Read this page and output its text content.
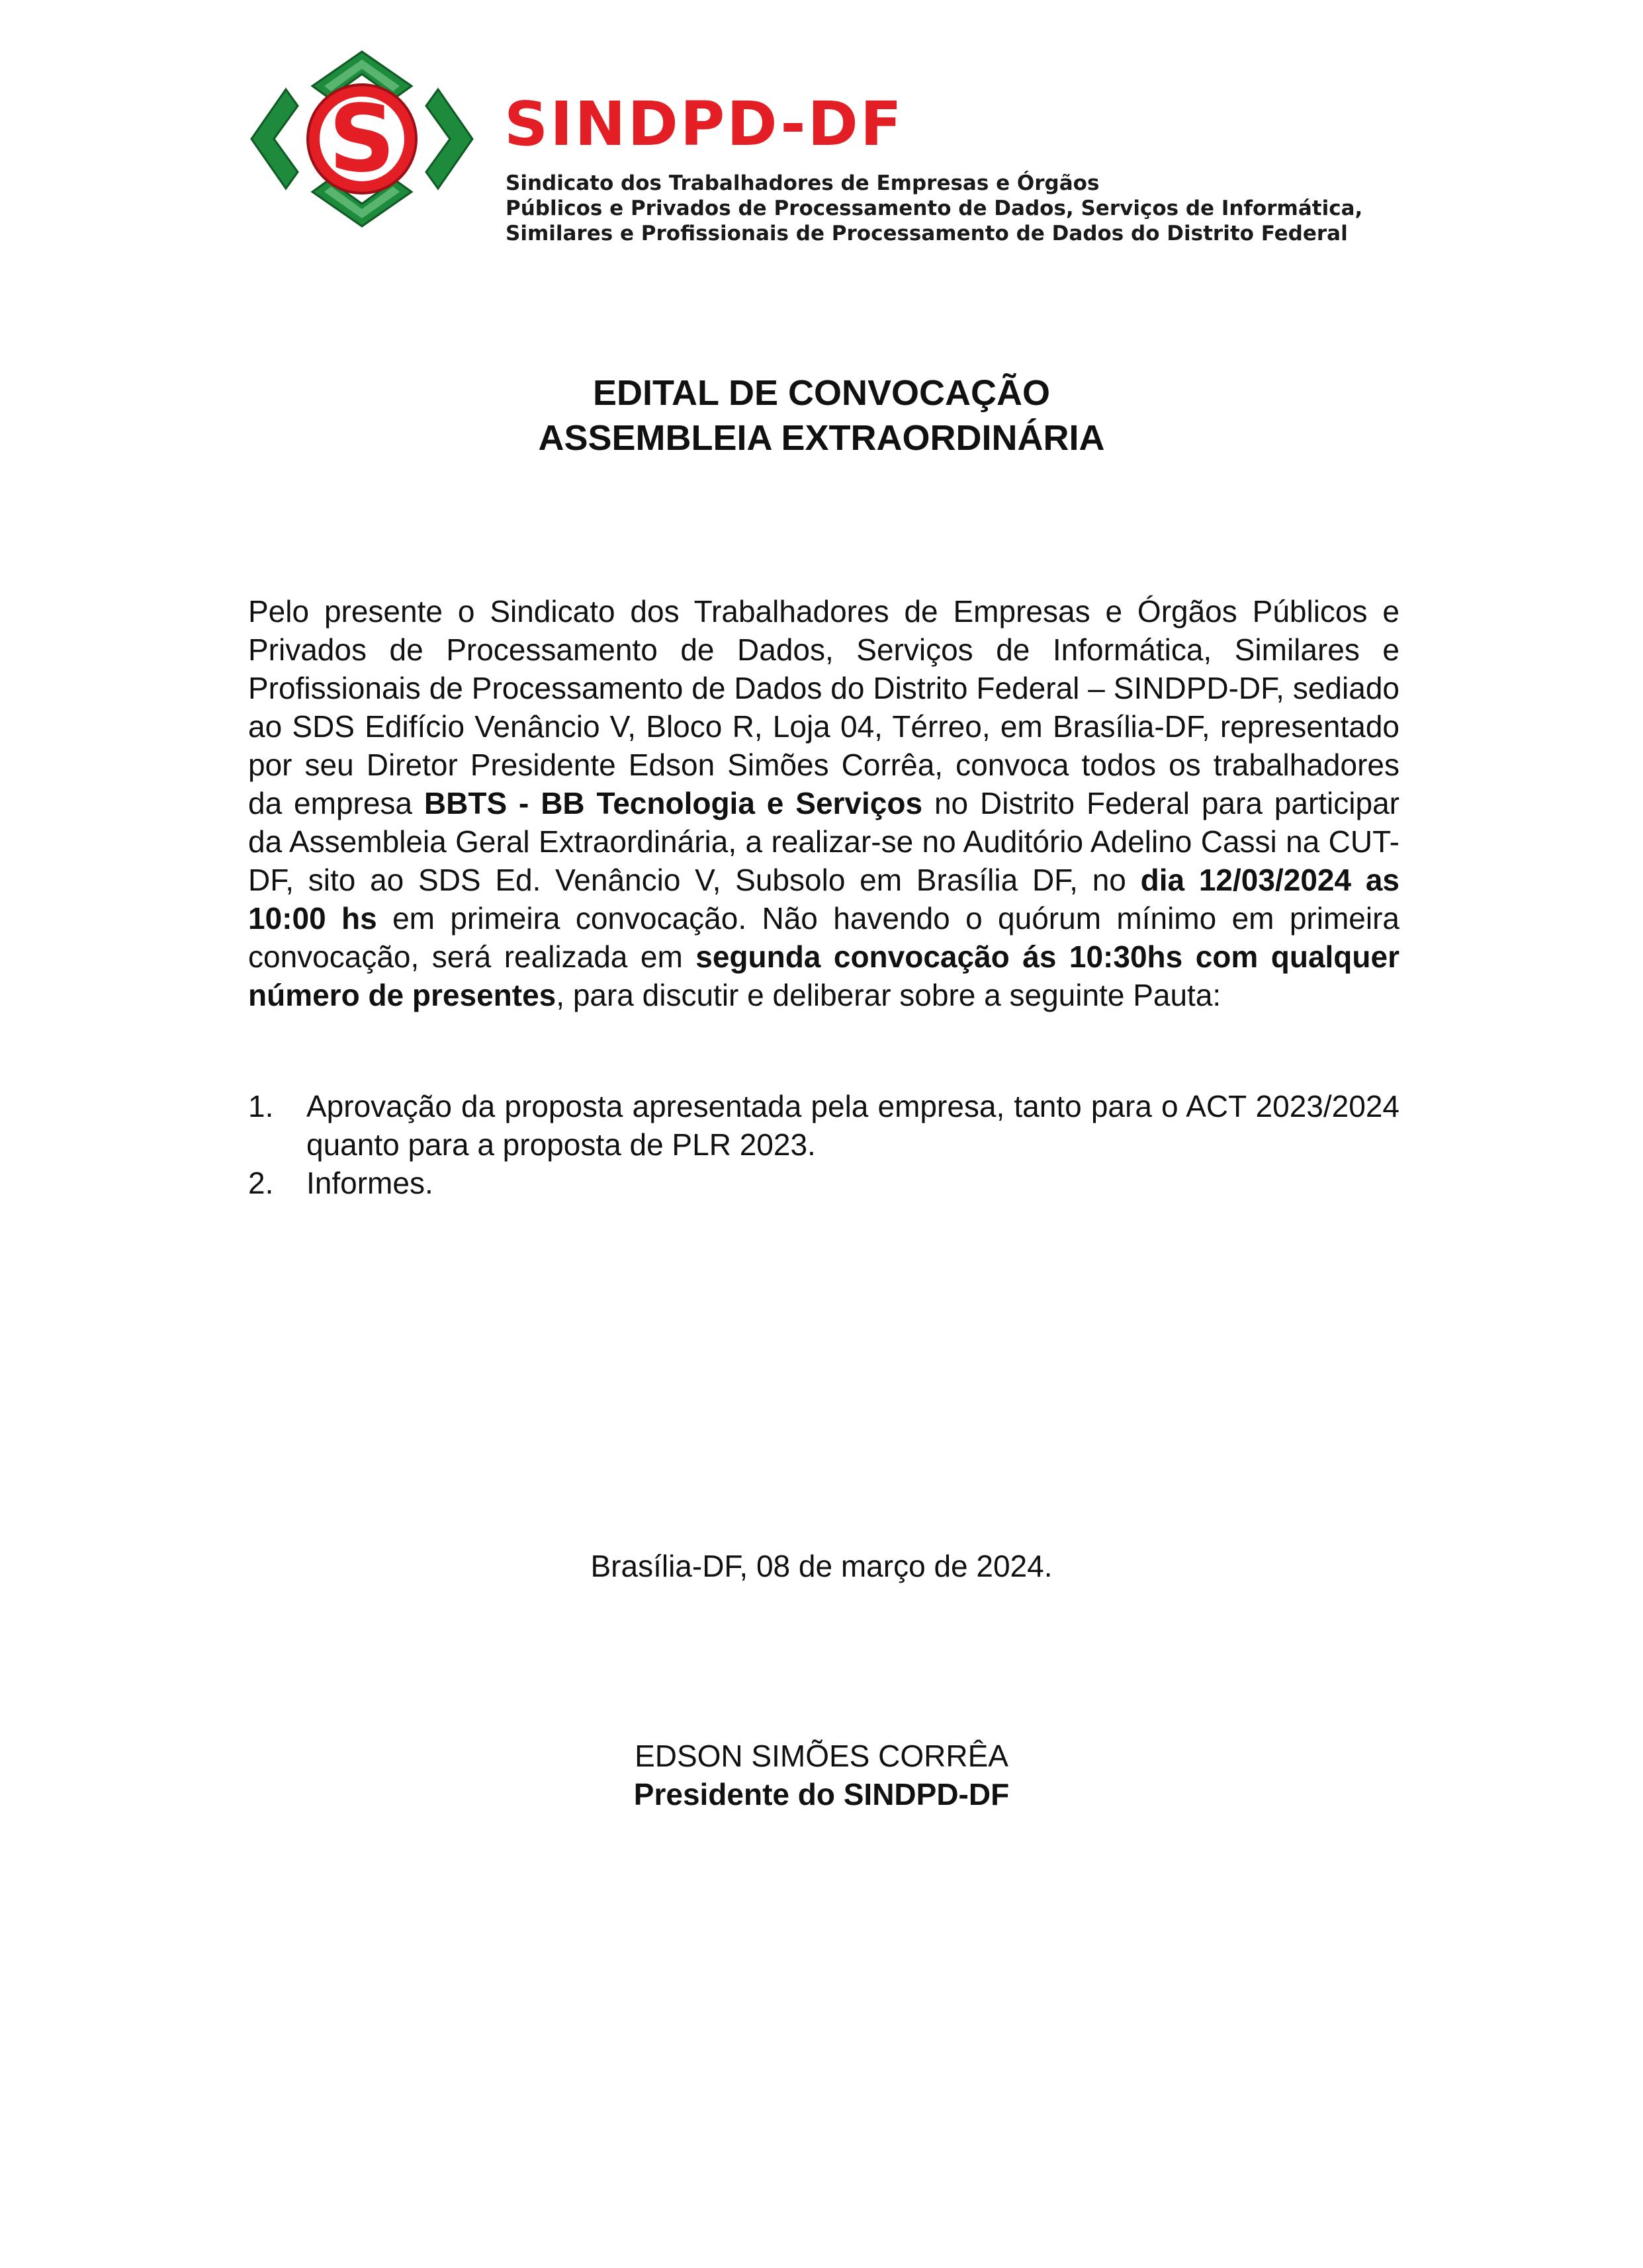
S SINDPD-DF
Sindicato dos Trabalhadores de Empresas e Órgãos
Públicos e Privados de Processamento de Dados, Serviços de Informática,
Similares e Profissionais de Processamento de Dados do Distrito Federal
EDITAL DE CONVOCAÇÃO
ASSEMBLEIA EXTRAORDINÁRIA
Pelo presente o Sindicato dos Trabalhadores de Empresas e Órgãos Públicos e Privados de Processamento de Dados, Serviços de Informática, Similares e Profissionais de Processamento de Dados do Distrito Federal – SINDPD-DF, sediado ao SDS Edifício Venâncio V, Bloco R, Loja 04, Térreo, em Brasília-DF, representado por seu Diretor Presidente Edson Simões Corrêa, convoca todos os trabalhadores da empresa BBTS - BB Tecnologia e Serviços no Distrito Federal para participar da Assembleia Geral Extraordinária, a realizar-se no Auditório Adelino Cassi na CUT-DF, sito ao SDS Ed. Venâncio V, Subsolo em Brasília DF, no dia 12/03/2024 as 10:00 hs em primeira convocação. Não havendo o quórum mínimo em primeira convocação, será realizada em segunda convocação ás 10:30hs com qualquer número de presentes, para discutir e deliberar sobre a seguinte Pauta:
1. Aprovação da proposta apresentada pela empresa, tanto para o ACT 2023/2024 quanto para a proposta de PLR 2023.
2. Informes.
Brasília-DF, 08 de março de 2024.
EDSON SIMÕES CORRÊA
Presidente do SINDPD-DF
